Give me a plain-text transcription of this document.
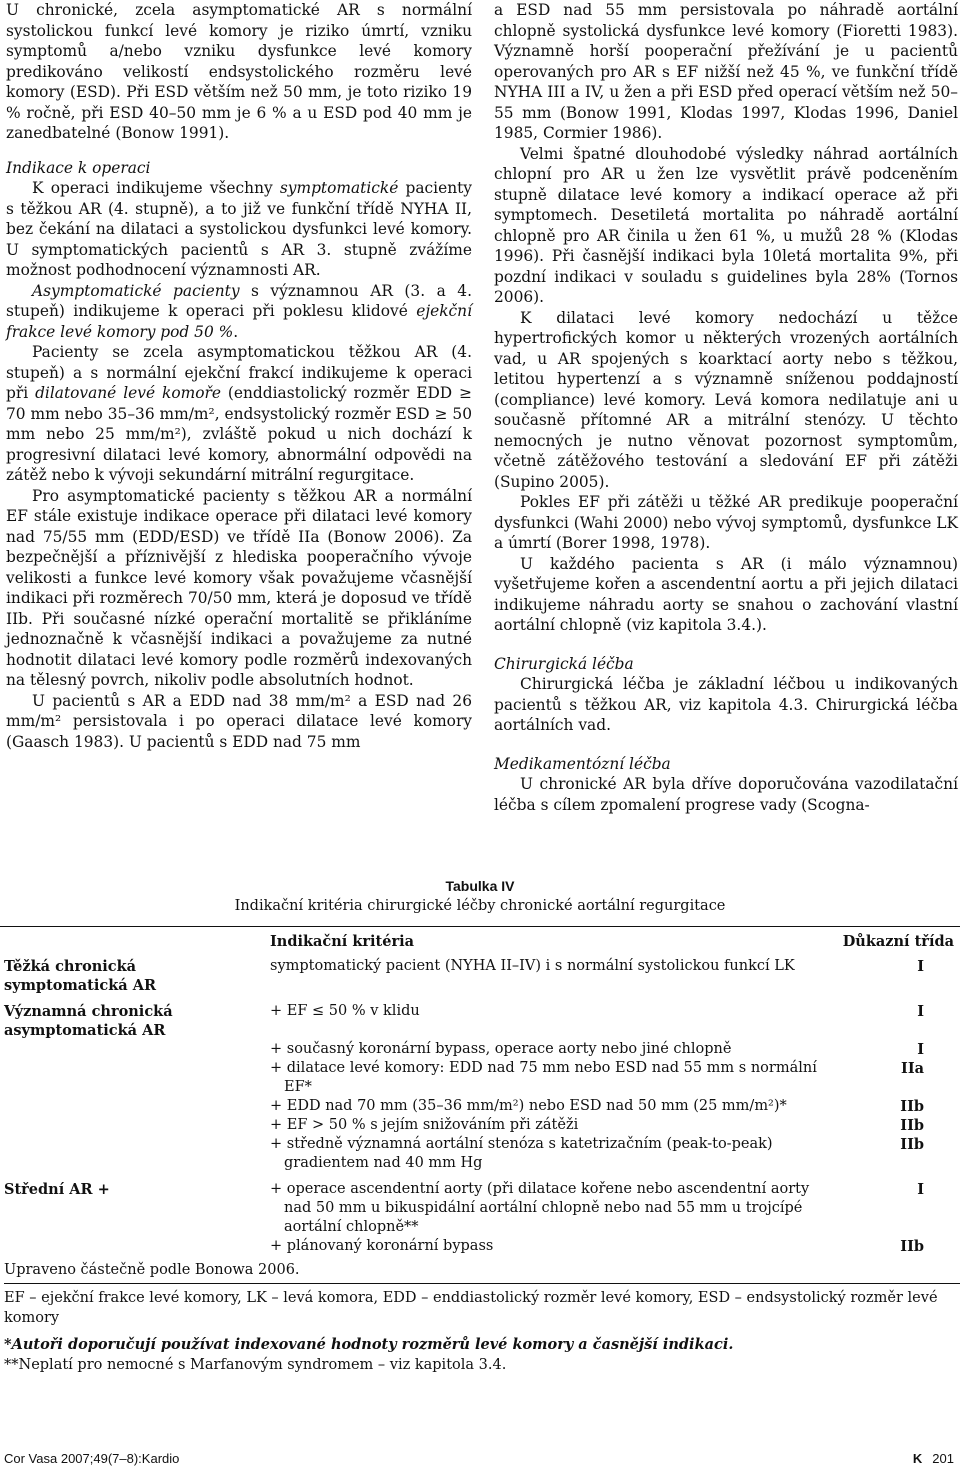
U chronické, zcela asymptomatické AR s normální systolickou funkcí levé komory je riziko úmrtí, vzniku symptomů a/nebo vzniku dysfunkce levé komory predikováno velikostí endsystolického rozměru levé komory (ESD). Při ESD větším než 50 mm, je toto riziko 19 % ročně, při ESD 40–50 mm je 6 % a u ESD pod 40 mm je zanedbatelné (Bonow 1991).

Indikace k operaci

K operaci indikujeme všechny symptomatické pacienty s těžkou AR (4. stupně), a to již ve funkční třídě NYHA II, bez čekání na dilataci a systolickou dysfunkci levé komory. U symptomatických pacientů s AR 3. stupně zvážíme možnost podhodnocení významnosti AR.

Asymptomatické pacienty s významnou AR (3. a 4. stupeň) indikujeme k operaci při poklesu klidové ejekční frakce levé komory pod 50 %.

Pacienty se zcela asymptomatickou těžkou AR (4. stupeň) a s normální ejekční frakcí indikujeme k operaci při dilatované levé komoře (enddiastolický rozměr EDD ≥ 70 mm nebo 35–36 mm/m², endsystolický rozměr ESD ≥ 50 mm nebo 25 mm/m²), zvláště pokud u nich dochází k progresivní dilataci levé komory, abnormální odpovědi na zátěž nebo k vývoji sekundární mitrální regurgitace.

Pro asymptomatické pacienty s těžkou AR a normální EF stále existuje indikace operace při dilataci levé komory nad 75/55 mm (EDD/ESD) ve třídě IIa (Bonow 2006). Za bezpečnější a příznivější z hlediska pooperačního vývoje velikosti a funkce levé komory však považujeme včasnější indikaci při rozměrech 70/50 mm, která je doposud ve třídě IIb. Při současné nízké operační mortalitě se přikláníme jednoznačně k včasnější indikaci a považujeme za nutné hodnotit dilataci levé komory podle rozměrů indexovaných na tělesný povrch, nikoliv podle absolutních hodnot.

U pacientů s AR a EDD nad 38 mm/m² a ESD nad 26 mm/m² persistovala i po operaci dilatace levé komory (Gaasch 1983). U pacientů s EDD nad 75 mm

a ESD nad 55 mm persistovala po náhradě aortální chlopně systolická dysfunkce levé komory (Fioretti 1983). Významně horší pooperační přežívání je u pacientů operovaných pro AR s EF nižší než 45 %, ve funkční třídě NYHA III a IV, u žen a při ESD před operací větším než 50–55 mm (Bonow 1991, Klodas 1997, Klodas 1996, Daniel 1985, Cormier 1986).

Velmi špatné dlouhodobé výsledky náhrad aortálních chlopní pro AR u žen lze vysvětlit právě podceněním stupně dilatace levé komory a indikací operace až při symptomech. Desetiletá mortalita po náhradě aortální chlopně pro AR činila u žen 61 %, u mužů 28 % (Klodas 1996). Při časnější indikaci byla 10letá mortalita 9%, při pozdní indikaci v souladu s guidelines byla 28% (Tornos 2006).

K dilataci levé komory nedochází u těžce hypertrofických komor u některých vrozených aortálních vad, u AR spojených s koarktací aorty nebo s těžkou, letitou hypertenzí a s významně sníženou poddajností (compliance) levé komory. Levá komora nedilatuje ani u současně přítomné AR a mitrální stenózy. U těchto nemocných je nutno věnovat pozornost symptomům, včetně zátěžového testování a sledování EF při zátěži (Supino 2005).

Pokles EF při zátěži u těžké AR predikuje pooperační dysfunkci (Wahi 2000) nebo vývoj symptomů, dysfunkce LK a úmrtí (Borer 1998, 1978).

U každého pacienta s AR (i málo významnou) vyšetřujeme kořen a ascendentní aortu a při jejich dilataci indikujeme náhradu aorty se snahou o zachování vlastní aortální chlopně (viz kapitola 3.4.).

Chirurgická léčba

Chirurgická léčba je základní léčbou u indikovaných pacientů s těžkou AR, viz kapitola 4.3. Chirurgická léčba aortálních vad.

Medikamentózní léčba

U chronické AR byla dříve doporučována vazodilatační léčba s cílem zpomalení progrese vady (Scogna-

Tabulka IV
Indikační kritéria chirurgické léčby chronické aortální regurgitace
	Indikační kritéria	Důkazní třída
Těžká chronická symptomatická AR	symptomatický pacient (NYHA II–IV) i s normální systolickou funkcí LK	I
Významná chronická asymptomatická AR	+ EF ≤ 50 % v klidu	I
	+ současný koronární bypass, operace aorty nebo jiné chlopně	I
	+ dilatace levé komory: EDD nad 75 mm nebo ESD nad 55 mm s normální EF*	IIa
	+ EDD nad 70 mm (35–36 mm/m²) nebo ESD nad 50 mm (25 mm/m²)*	IIb
	+ EF > 50 % s jejím snižováním při zátěži	IIb
	+ středně významná aortální stenóza s katetrizačním (peak-to-peak) gradientem nad 40 mm Hg	IIb
Střední AR +	+ operace ascendentní aorty (při dilatace kořene nebo ascendentní aorty nad 50 mm u bikuspidální aortální chlopně nebo nad 55 mm u trojcípé aortální chlopně**	I
	+ plánovaný koronární bypass	IIb

Upraveno částečně podle Bonowa 2006.

EF – ejekční frakce levé komory, LK – levá komora, EDD – enddiastolický rozměr levé komory, ESD – endsystolický rozměr levé komory

*Autoři doporučují používat indexované hodnoty rozměrů levé komory a časnější indikaci.

**Neplatí pro nemocné s Marfanovým syndromem – viz kapitola 3.4.

Cor Vasa 2007;49(7–8):Kardio	K 201
